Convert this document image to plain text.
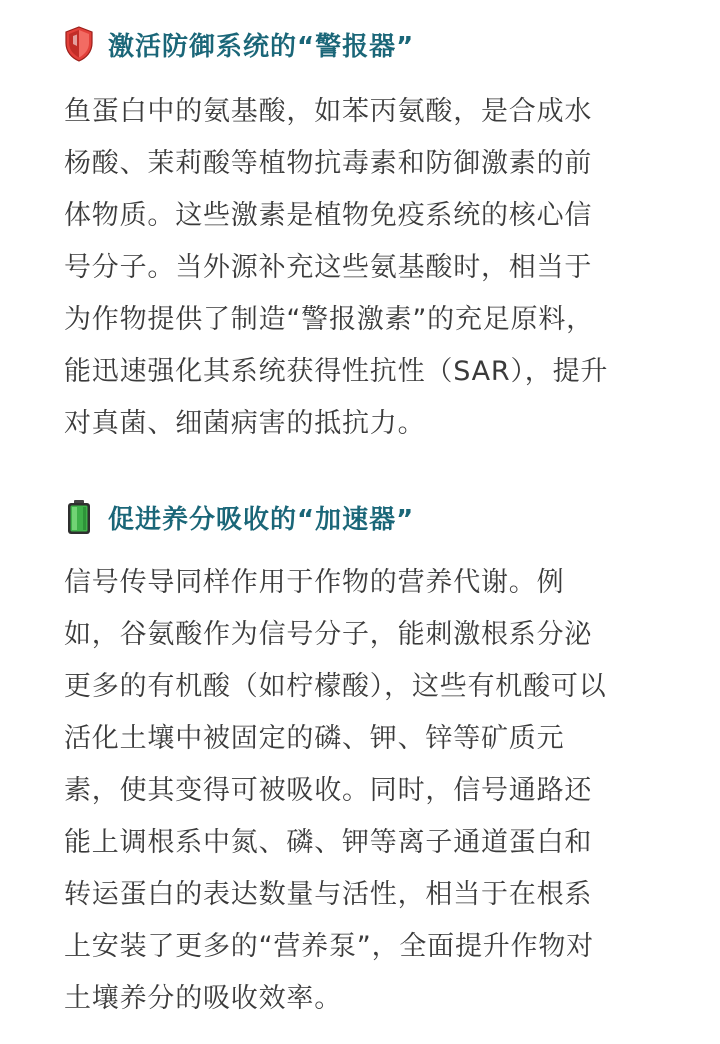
激活防御系统的“警报器”
鱼蛋白中的氨基酸，如苯丙氨酸，是合成水
杨酸、茉莉酸等植物抗毒素和防御激素的前
体物质。这些激素是植物免疫系统的核心信
号分子。当外源补充这些氨基酸时，相当于
为作物提供了制造“警报激素”的充足原料，
能迅速强化其系统获得性抗性（SAR），提升
对真菌、细菌病害的抵抗力。
促进养分吸收的“加速器”
信号传导同样作用于作物的营养代谢。例
如，谷氨酸作为信号分子，能刺激根系分泌
更多的有机酸（如柠檬酸），这些有机酸可以
活化土壤中被固定的磷、钾、锌等矿质元
素，使其变得可被吸收。同时，信号通路还
能上调根系中氮、磷、钾等离子通道蛋白和
转运蛋白的表达数量与活性，相当于在根系
上安装了更多的“营养泵”，全面提升作物对
土壤养分的吸收效率。
